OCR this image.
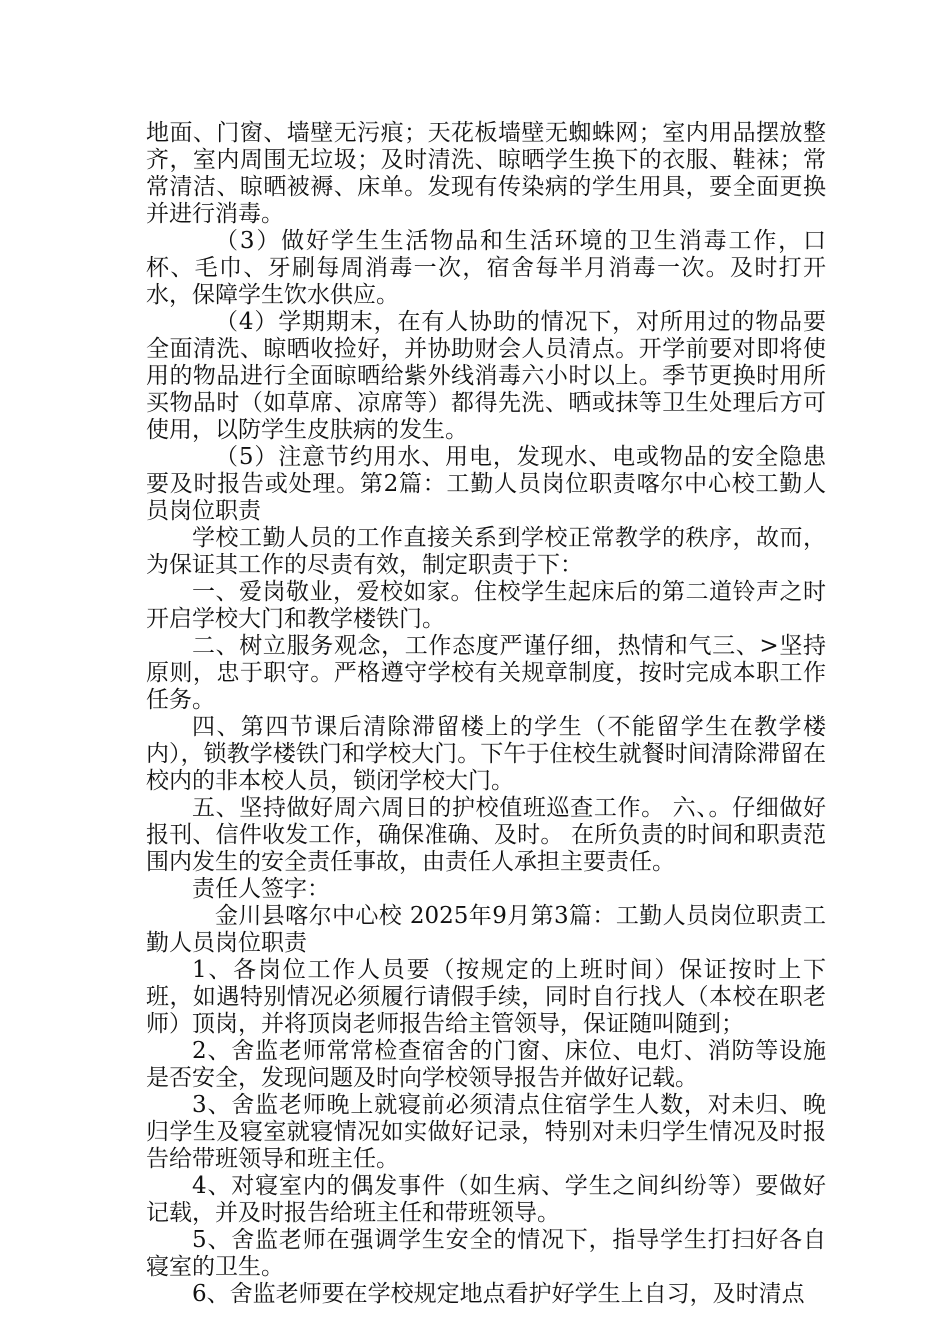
地面、门窗、墙壁无污痕；天花板墙壁无蜘蛛网；室内用品摆放整齐，室内周围无垃圾；及时清洗、晾晒学生换下的衣服、鞋袜；常常清洁、晾晒被褥、床单。发现有传染病的学生用具，要全面更换并进行消毒。

（3）做好学生生活物品和生活环境的卫生消毒工作，口杯、毛巾、牙刷每周消毒一次，宿舍每半月消毒一次。及时打开水，保障学生饮水供应。

（4）学期期末，在有人协助的情况下，对所用过的物品要全面清洗、晾晒收捡好，并协助财会人员清点。开学前要对即将使用的物品进行全面晾晒给紫外线消毒六小时以上。季节更换时用所买物品时（如草席、凉席等）都得先洗、晒或抹等卫生处理后方可使用，以防学生皮肤病的发生。

（5）注意节约用水、用电，发现水、电或物品的安全隐患要及时报告或处理。第2篇：工勤人员岗位职责喀尔中心校工勤人员岗位职责

学校工勤人员的工作直接关系到学校正常教学的秩序，故而，为保证其工作的尽责有效，制定职责于下：

一、爱岗敬业，爱校如家。住校学生起床后的第二道铃声之时开启学校大门和教学楼铁门。

二、树立服务观念，工作态度严谨仔细，热情和气三、>坚持原则，忠于职守。严格遵守学校有关规章制度，按时完成本职工作任务。

四、第四节课后清除滞留楼上的学生（不能留学生在教学楼内），锁教学楼铁门和学校大门。下午于住校生就餐时间清除滞留在校内的非本校人员，锁闭学校大门。

五、坚持做好周六周日的护校值班巡查工作。 六、。仔细做好报刊、信件收发工作，确保准确、及时。 在所负责的时间和职责范围内发生的安全责任事故，由责任人承担主要责任。

责任人签字：

金川县喀尔中心校 2025年9月第3篇：工勤人员岗位职责工勤人员岗位职责

1、各岗位工作人员要（按规定的上班时间）保证按时上下班，如遇特别情况必须履行请假手续，同时自行找人（本校在职老师）顶岗，并将顶岗老师报告给主管领导，保证随叫随到；

2、舍监老师常常检查宿舍的门窗、床位、电灯、消防等设施是否安全，发现问题及时向学校领导报告并做好记载。

3、舍监老师晚上就寝前必须清点住宿学生人数，对未归、晚归学生及寝室就寝情况如实做好记录，特别对未归学生情况及时报告给带班领导和班主任。

4、对寝室内的偶发事件（如生病、学生之间纠纷等）要做好记载，并及时报告给班主任和带班领导。

5、舍监老师在强调学生安全的情况下，指导学生打扫好各自寝室的卫生。

6、舍监老师要在学校规定地点看护好学生上自习，及时清点
